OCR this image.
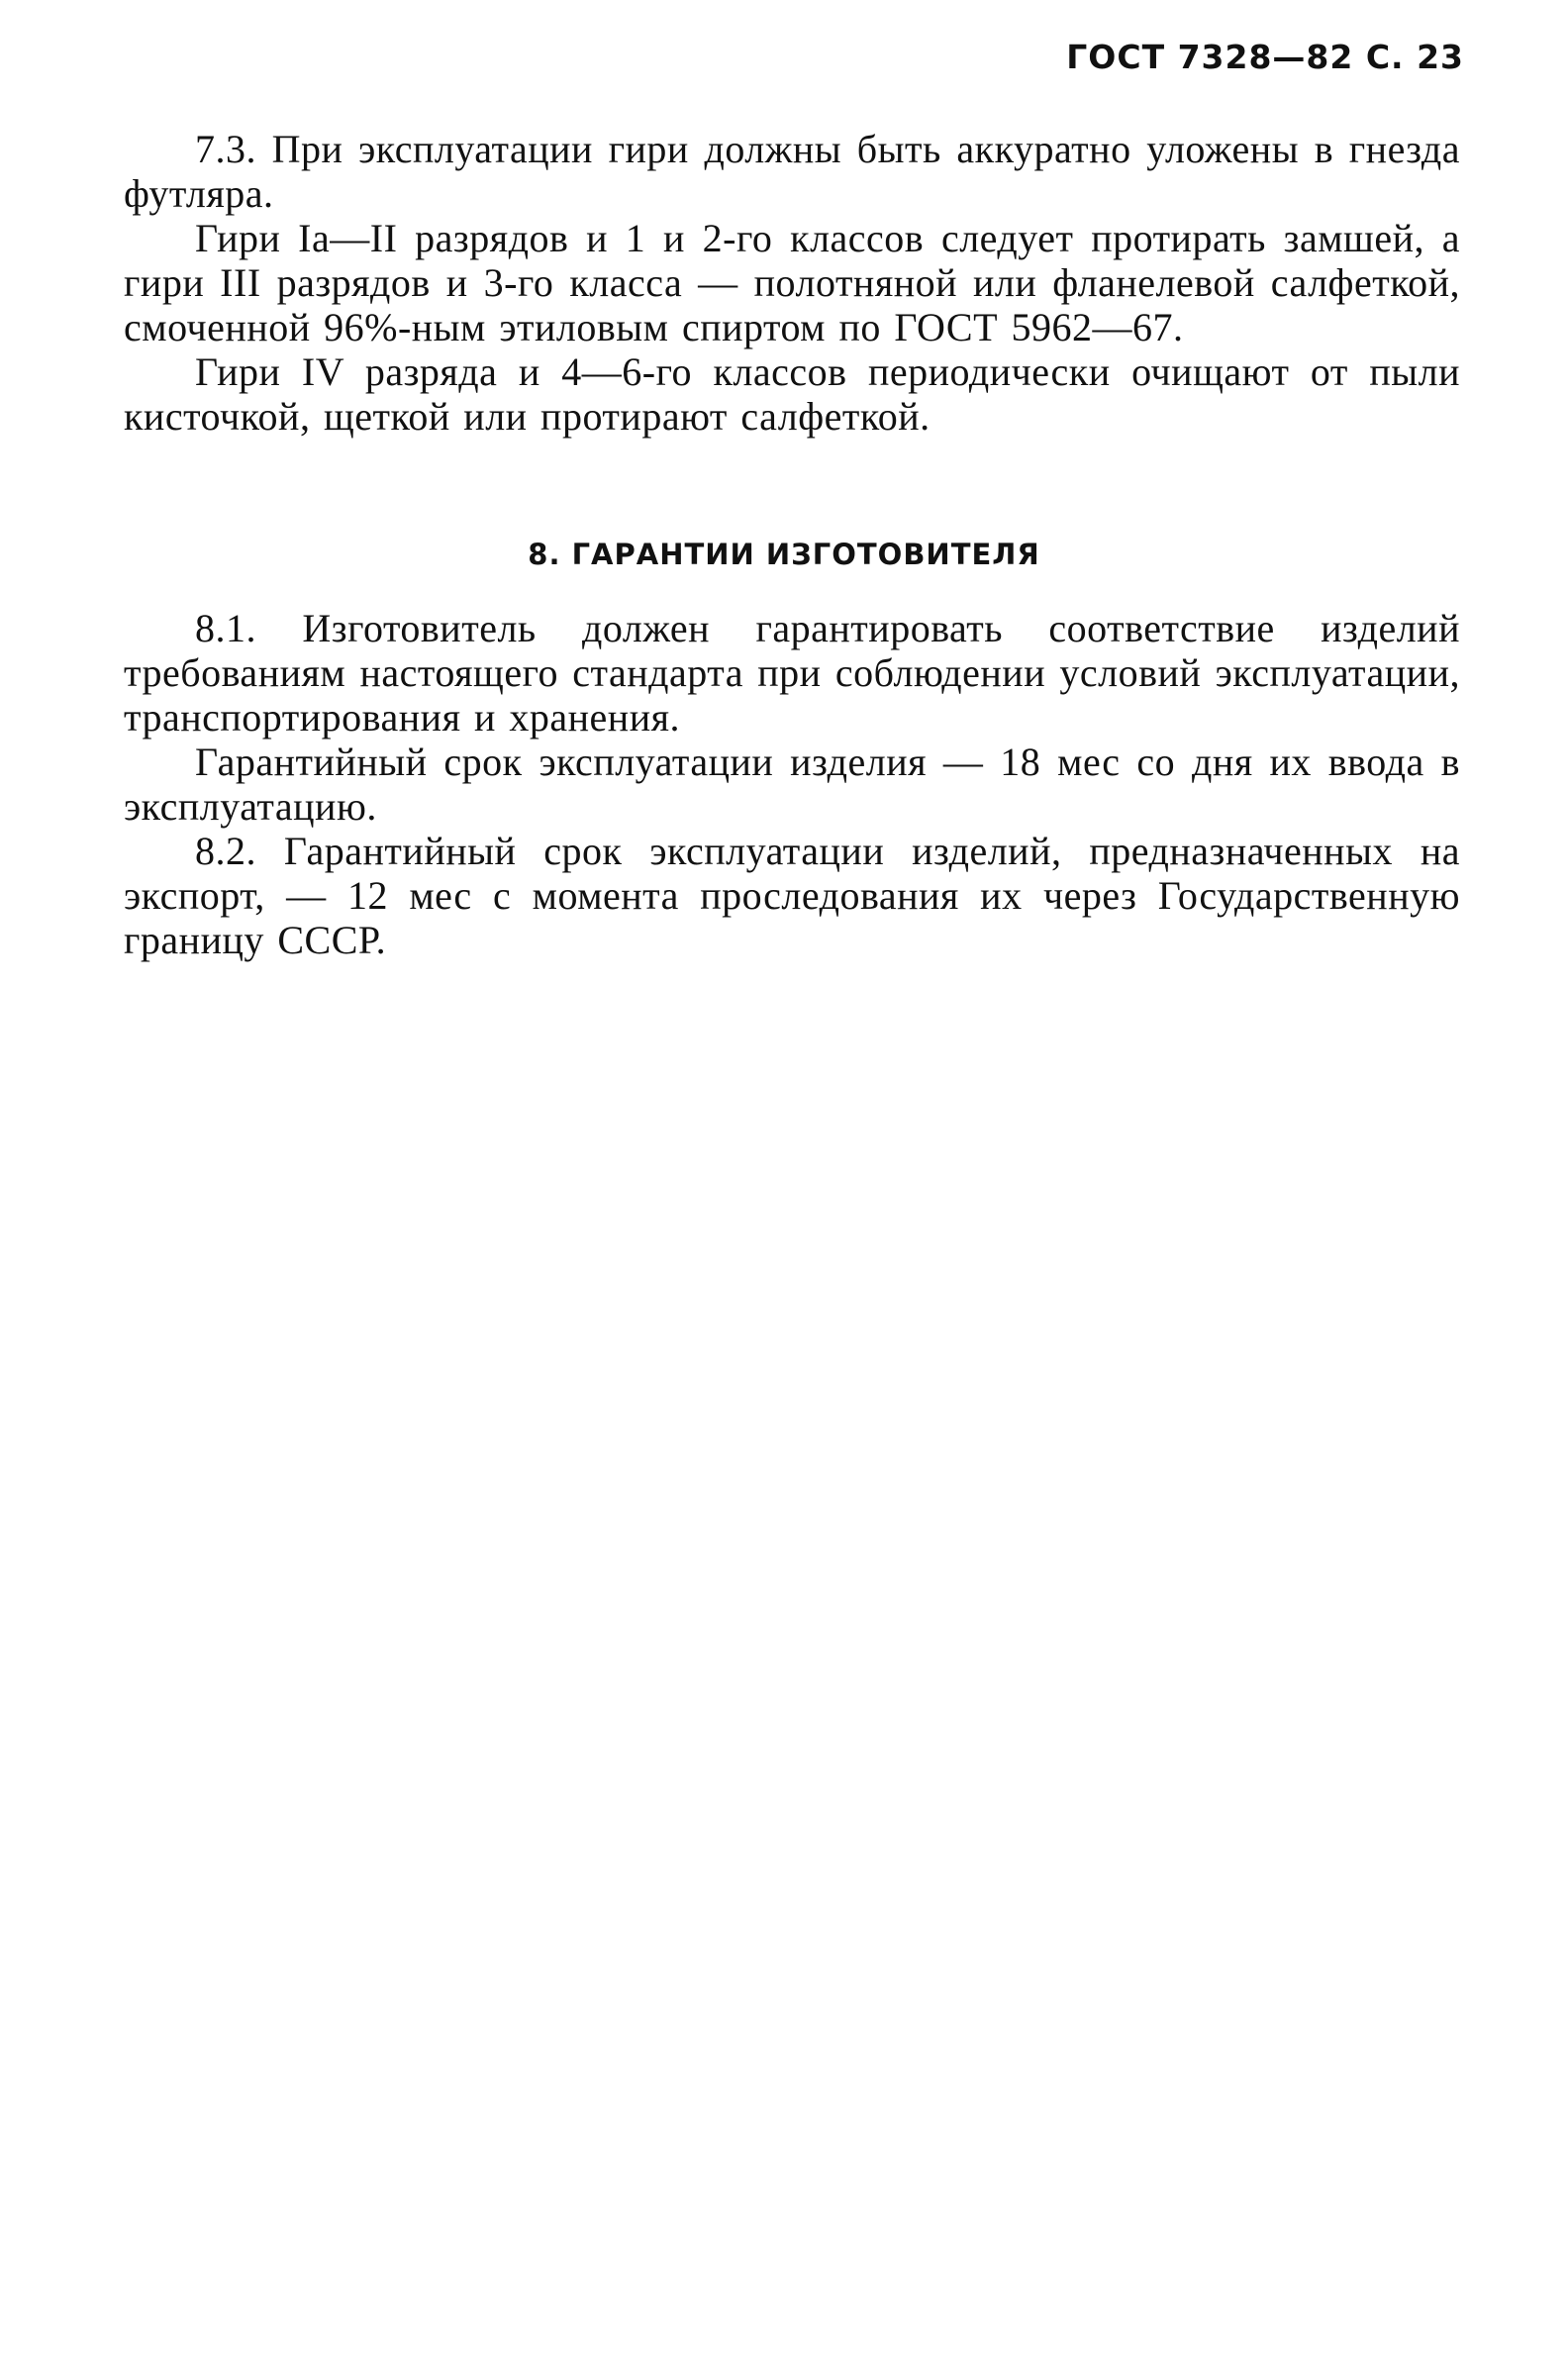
ГОСТ 7328—82 С. 23

7.3. При эксплуатации гири должны быть аккуратно уложены в гнезда футляра.

Гири Iа—II разрядов и 1 и 2-го классов следует протирать замшей, а гири III разрядов и 3-го класса — полотняной или фланелевой салфеткой, смоченной 96%-ным этиловым спиртом по ГОСТ 5962—67.

Гири IV разряда и 4—6-го классов периодически очищают от пыли кисточкой, щеткой или протирают салфеткой.

8. ГАРАНТИИ ИЗГОТОВИТЕЛЯ

8.1. Изготовитель должен гарантировать соответствие изделий требованиям настоящего стандарта при соблюдении условий эксплуатации, транспортирования и хранения.

Гарантийный срок эксплуатации изделия — 18 мес со дня их ввода в эксплуатацию.

8.2. Гарантийный срок эксплуатации изделий, предназначенных на экспорт, — 12 мес с момента проследования их через Государственную границу СССР.
